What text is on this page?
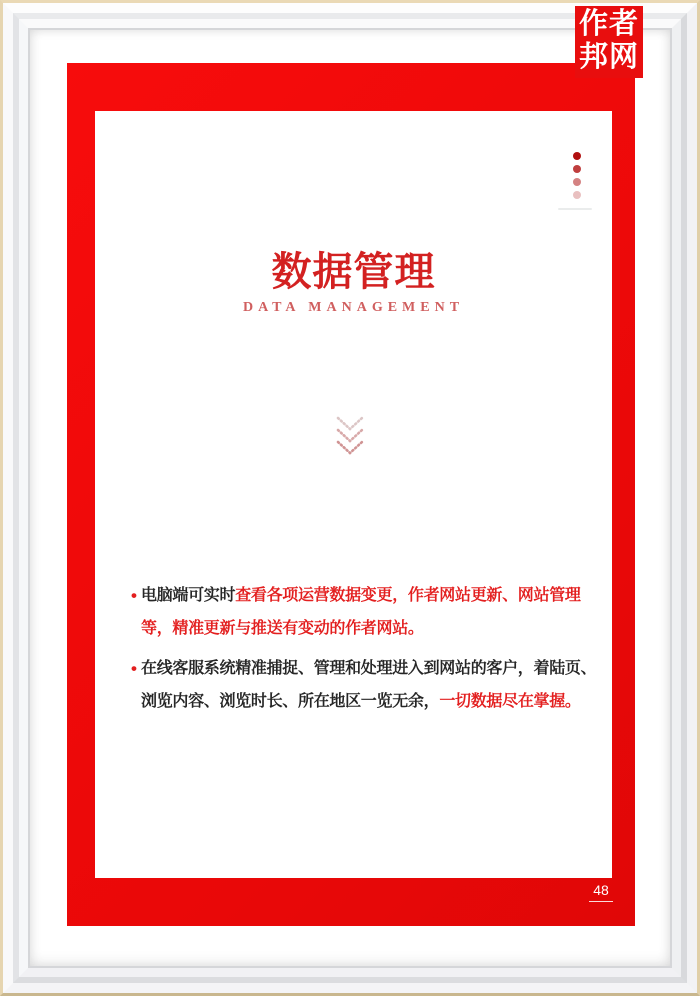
数据管理
DATA MANAGEMENT
• 电脑端可实时查看各项运营数据变更，作者网站更新、网站管理
等，精准更新与推送有变动的作者网站。
• 在线客服系统精准捕捉、管理和处理进入到网站的客户，着陆页、
浏览内容、浏览时长、所在地区一览无余，一切数据尽在掌握。
48
作者
邦网
